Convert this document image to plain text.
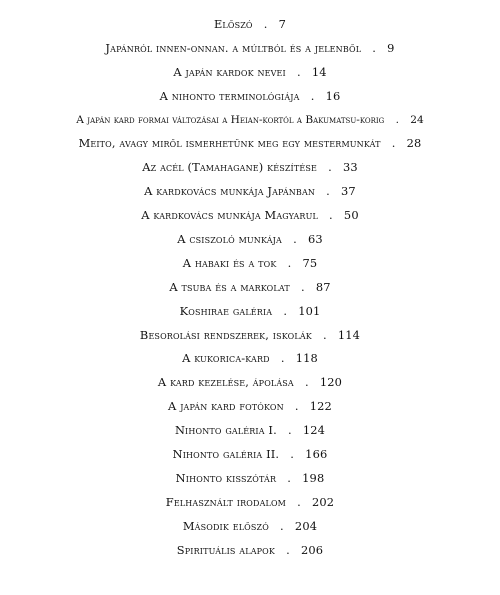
Előszó . 7
Japánról innen-onnan. a múltból és a jelenből . 9
A japán kardok nevei . 14
A nihonto terminológiája . 16
A japán kard formai változásai a Heian-kortól a Bakumatsu-korig . 24
Meito, avagy miről ismerhetünk meg egy mestermunkát . 28
Az acél (Tamahagane) készítése . 33
A kardkovács munkája Japánban . 37
A kardkovács munkája Magyarul . 50
A csiszoló munkája . 63
A habaki és a tok . 75
A tsuba és a markolat . 87
Koshirae galéria . 101
Besorolási rendszerek, iskolák . 114
A kukorica-kard . 118
A kard kezelése, ápolása . 120
A japán kard fotókon . 122
Nihonto galéria I. . 124
Nihonto galéria II. . 166
Nihonto kisszótár . 198
Felhasznált irodalom . 202
Második előszó . 204
Spirituális alapok . 206
